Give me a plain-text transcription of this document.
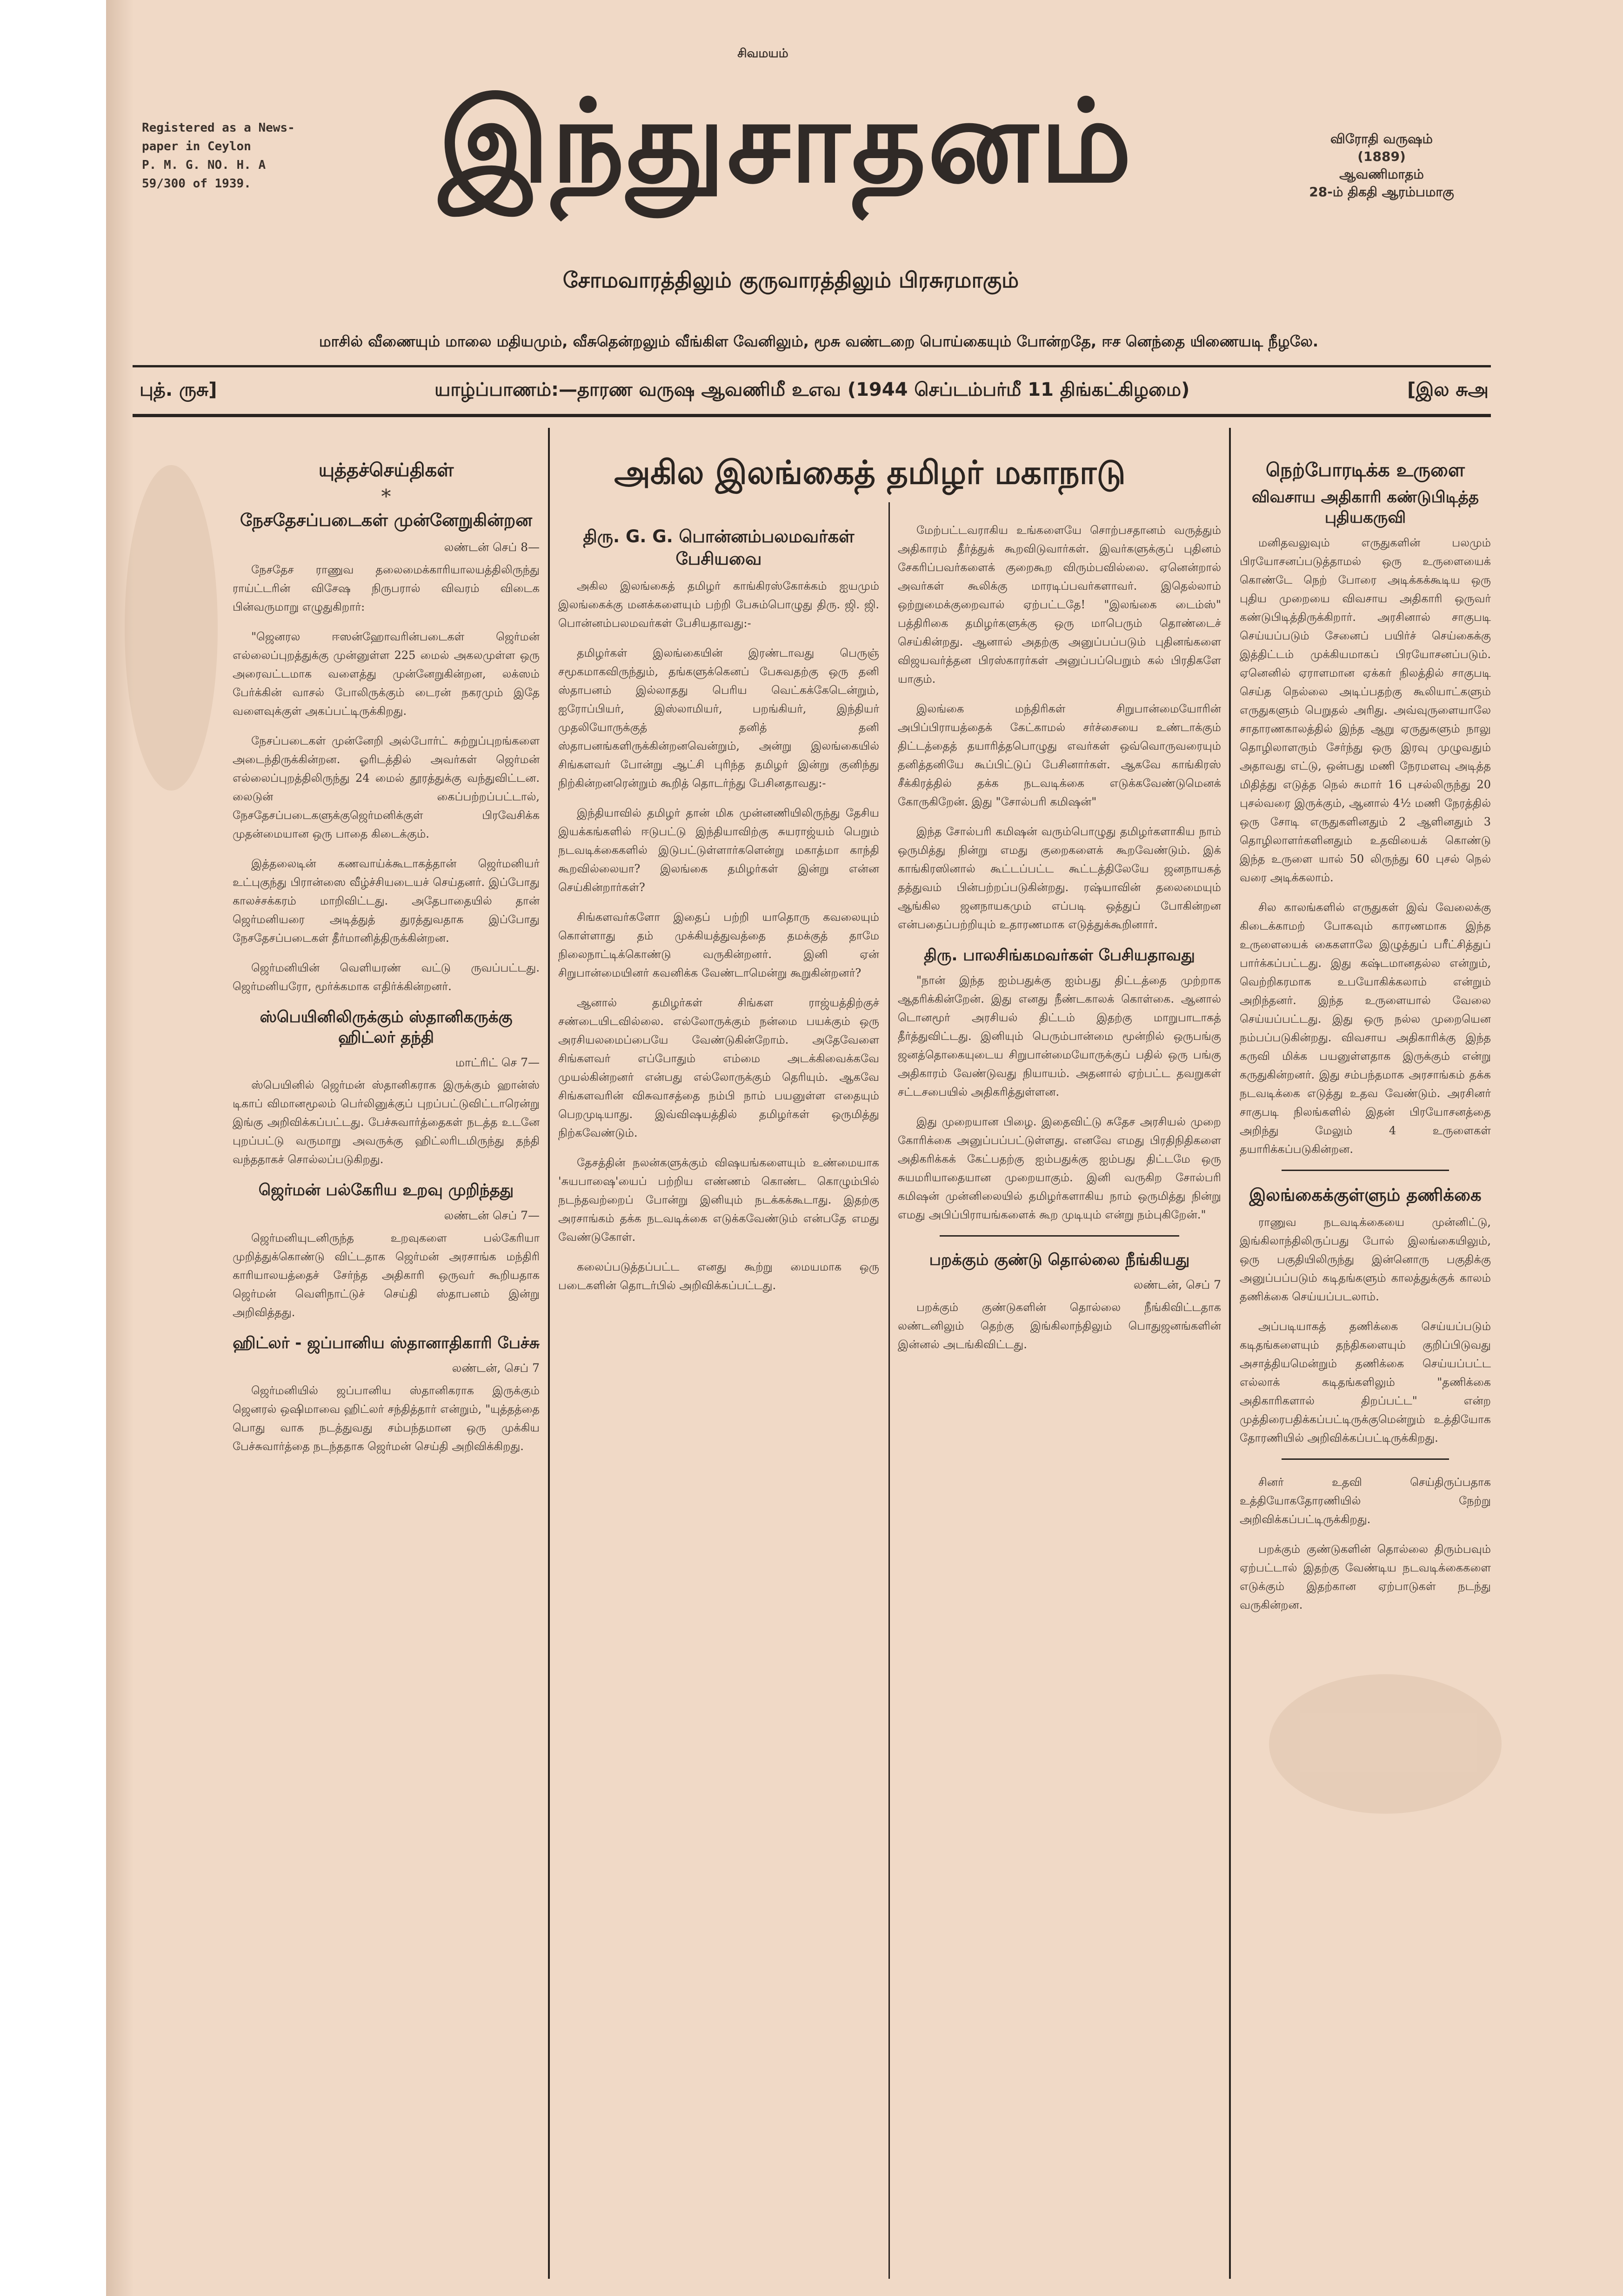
Registered as a News-
paper in Ceylon
P. M. G. NO. H. A
59/300 of 1939.
சிவமயம்
இந்துசாதனம்	விரோதி வருஷம்
(1889)
ஆவணிமாதம்
28-ம் திகதி ஆரம்பமாகு
சோமவாரத்திலும் குருவாரத்திலும் பிரசுரமாகும்
மாசில் வீணையும் மாலை மதியமும், வீசுதென்றலும் வீங்கிள வேனிலும், மூசு வண்டறை பொய்கையும் போன்றதே, ஈச னெந்தை யிணையடி நீழலே.
புத். ருசு]	யாழ்ப்பாணம்:—தாரண வருஷ ஆவணிமீ உஎவ (1944 செப்டம்பர்மீ 11 திங்கட்கிழமை)	[இல சுஅ
அகில இலங்கைத் தமிழர் மகாநாடு
யுத்தச்செய்திகள்
*
நேசதேசப்படைகள் முன்னேறுகின்றன
லண்டன் செப் 8—

நேசதேச ராணுவ தலைமைக்காரியாலயத்திலிருந்து ராய்ட்டரின் விசேஷ நிருபரால் விவரம் விடைக பின்வருமாறு எழுதுகிறார்:

"ஜெனரல ஈஸன்ஹோவரின்படைகள் ஜெர்மன் எல்லைப்புறத்துக்கு முன்னுள்ள 225 மைல் அகலமுள்ள ஒரு அரைவட்டமாக வளைத்து முன்னேறுகின்றன, லக்ஸம் பேர்க்கின் வாசல் போலிருக்கும் டைரன் நகரமும் இதே வளைவுக்குள் அகப்பட்டிருக்கிறது.

நேசப்படைகள் முன்னேறி அல்போர்ட் சுற்றுப்புறங்களை அடைந்திருக்கின்றன. ஓரிடத்தில் அவர்கள் ஜெர்மன் எல்லைப்புறத்திலிருந்து 24 மைல் தூரத்துக்கு வந்துவிட்டன. லைடுன் கைப்பற்றப்பட்டால், நேசதேசப்படைகளுக்குஜெர்மனிக்குள் பிரவேசிக்க முதன்மையான ஒரு பாதை கிடைக்கும்.

இத்தலைடின் கணவாய்க்கூடாகத்தான் ஜெர்மனியர் உட்புகுந்து பிரான்ஸை வீழ்ச்சியடையச் செய்தனர். இப்போது காலச்சக்கரம் மாறிவிட்டது. அதேபாதையில் தான் ஜெர்மனியரை அடித்துத் துரத்துவதாக இப்போது நேசதேசப்படைகள் தீர்மானித்திருக்கின்றன.

ஜெர்மனியின் வெளியரண் வட்டு ருவப்பட்டது. ஜெர்மனியரோ, மூர்க்கமாக எதிர்க்கின்றனர்.

ஸ்பெயினிலிருக்கும் ஸ்தானிகருக்கு ஹிட்லர் தந்தி
மாட்ரிட் செ 7—

ஸ்பெயினில் ஜெர்மன் ஸ்தானிகராக இருக்கும் ஹான்ஸ் டிகாப் விமானமூலம் பெர்லினுக்குப் புறப்பட்டுவிட்டாரென்று இங்கு அறிவிக்கப்பட்டது. பேச்சுவார்த்தைகள் நடத்த உடனே புறப்பட்டு வருமாறு அவருக்கு ஹிட்லரிடமிருந்து தந்தி வந்ததாகச் சொல்லப்படுகிறது.

ஜெர்மன் பல்கேரிய உறவு முறிந்தது
லண்டன் செப் 7—

ஜெர்மனியுடனிருந்த உறவுகளை பல்கேரியா முறித்துக்கொண்டு விட்டதாக ஜெர்மன் அரசாங்க மந்திரி காரியாலயத்தைச் சேர்ந்த அதிகாரி ஒருவர் கூறியதாக ஜெர்மன் வெளிநாட்டுச் செய்தி ஸ்தாபனம் இன்று அறிவித்தது.

ஹிட்லர் - ஜப்பானிய ஸ்தானாதிகாரி பேச்சு
லண்டன், செப் 7

ஜெர்மனியில் ஜப்பானிய ஸ்தானிகராக இருக்கும் ஜெனரல் ஒஷிமாவை ஹிட்லர் சந்தித்தார் என்றும், "யுத்தத்தை பொது வாக நடத்துவது சம்பந்தமான ஒரு முக்கிய பேச்சுவார்த்தை நடந்ததாக ஜெர்மன் செய்தி அறிவிக்கிறது.

திரு. G. G. பொன்னம்பலமவர்கள் பேசியவை

அகில இலங்கைத் தமிழர் காங்கிரஸ்கோக்கம் ஐயமும் இலங்கைக்கு மனக்களையும் பற்றி பேசும்பொழுது திரு. ஜி. ஜி. பொன்னம்பலமவர்கள் பேசியதாவது:-

தமிழர்கள் இலங்கையின் இரண்டாவது பெருஞ் சமூகமாகவிருந்தும், தங்களுக்கெனப் பேசுவதற்கு ஒரு தனி ஸ்தாபனம் இல்லாதது பெரிய வெட்கக்கேடென்றும், ஐரோப்பியர், இஸ்லாமியர், பறங்கியர், இந்தியர் முதலியோருக்குத் தனித் தனி ஸ்தாபனங்களிருக்கின்றனவென்றும், அன்று இலங்கையில் சிங்களவர் போன்று ஆட்சி புரிந்த தமிழர் இன்று குனிந்து நிற்கின்றனரென்றும் கூறித் தொடர்ந்து பேசினதாவது:-

இந்தியாவில் தமிழர் தான் மிக முன்னணியிலிருந்து தேசிய இயக்கங்களில் ஈடுபட்டு இந்தியாவிற்கு சுயராஜ்யம் பெறும் நடவடிக்கைகளில் இடுபட்டுள்ளார்களென்று மகாத்மா காந்தி கூறவில்லையா? இலங்கை தமிழர்கள் இன்று என்ன செய்கின்றார்கள்?

சிங்களவர்களோ இதைப் பற்றி யாதொரு கவலையும் கொள்ளாது தம் முக்கியத்துவத்தை தமக்குத் தாமே நிலைநாட்டிக்கொண்டு வருகின்றனர். இனி ஏன் சிறுபான்மையினர் கவனிக்க வேண்டாமென்று கூறுகின்றனர்?

ஆனால் தமிழர்கள் சிங்கள ராஜ்யத்திற்குச் சண்டையிடவில்லை. எல்லோருக்கும் நன்மை பயக்கும் ஒரு அரசியலமைப்பையே வேண்டுகின்றோம். அதேவேளை சிங்களவர் எப்போதும் எம்மை அடக்கிவைக்கவே முயல்கின்றனர் என்பது எல்லோருக்கும் தெரியும். ஆகவே சிங்களவரின் விசுவாசத்தை நம்பி நாம் பயனுள்ள எதையும் பெறமுடியாது. இவ்விஷயத்தில் தமிழர்கள் ஒருமித்து நிற்கவேண்டும்.

தேசத்தின் நலன்களுக்கும் விஷயங்களையும் உண்மையாக 'சுயபாஷை'யைப் பற்றிய எண்ணம் கொண்ட கொழும்பில் நடந்தவற்றைப் போன்று இனியும் நடக்கக்கூடாது. இதற்கு அரசாங்கம் தக்க நடவடிக்கை எடுக்கவேண்டும் என்பதே எமது வேண்டுகோள்.

கலைப்படுத்தப்பட்ட எனது கூற்று மையமாக ஒரு படைகளின் தொடர்பில் அறிவிக்கப்பட்டது.

மேற்பட்டவராகிய உங்களையே சொற்பசதானம் வருத்தும் அதிகாரம் தீர்த்துக் கூறவிடுவார்கள். இவர்களுக்குப் புதினம் சேகரிப்பவர்களைக் குறைகூற விரும்பவில்லை. ஏனென்றால் அவர்கள் கூலிக்கு மாரடிப்பவர்களாவர். இதெல்லாம் ஒற்றுமைக்குறைவால் ஏற்பட்டதே! "இலங்கை டைம்ஸ்" பத்திரிகை தமிழர்களுக்கு ஒரு மாபெரும் தொண்டைச் செய்கின்றது. ஆனால் அதற்கு அனுப்பப்படும் புதினங்களை விஜயவர்த்தன பிரஸ்காரர்கள் அனுப்பப்பெறும் கல் பிரதிகளே யாகும்.

இலங்கை மந்திரிகள் சிறுபான்மையோரின் அபிப்பிராயத்தைக் கேட்காமல் சர்ச்சையை உண்டாக்கும் திட்டத்தைத் தயாரித்தபொழுது எவர்கள் ஒவ்வொருவரையும் தனித்தனியே கூப்பிட்டுப் பேசினார்கள். ஆகவே காங்கிரஸ் சீக்கிரத்தில் தக்க நடவடிக்கை எடுக்கவேண்டுமெனக் கோருகிறேன். இது "சோல்பரி கமிஷன்"

இந்த சோல்பரி கமிஷன் வரும்பொழுது தமிழர்களாகிய நாம் ஒருமித்து நின்று எமது குறைகளைக் கூறவேண்டும். இக் காங்கிரஸினால் கூட்டப்பட்ட கூட்டத்திலேயே ஜனநாயகத் தத்துவம் பின்பற்றப்படுகின்றது. ரஷ்யாவின் தலைமையும் ஆங்கில ஜனநாயகமும் எப்படி ஒத்துப் போகின்றன என்பதைப்பற்றியும் உதாரணமாக எடுத்துக்கூறினார்.

திரு. பாலசிங்கமவர்கள் பேசியதாவது

"நான் இந்த ஐம்பதுக்கு ஐம்பது திட்டத்தை முற்றாக ஆதரிக்கின்றேன். இது எனது நீண்டகாலக் கொள்கை. ஆனால் டொனமூர் அரசியல் திட்டம் இதற்கு மாறுபாடாகத் தீர்த்துவிட்டது. இனியும் பெரும்பான்மை மூன்றில் ஒருபங்கு ஜனத்தொகையுடைய சிறுபான்மையோருக்குப் பதில் ஒரு பங்கு அதிகாரம் வேண்டுவது நியாயம். அதனால் ஏற்பட்ட தவறுகள் சட்டசபையில் அதிகரித்துள்ளன.

இது முறையான பிழை. இதைவிட்டு சுதேச அரசியல் முறை கோரிக்கை அனுப்பப்பட்டுள்ளது. எனவே எமது பிரதிநிதிகளை அதிகரிக்கக் கேட்பதற்கு ஐம்பதுக்கு ஐம்பது திட்டமே ஒரு சுயமரியாதையான முறையாகும். இனி வருகிற சோல்பரி கமிஷன் முன்னிலையில் தமிழர்களாகிய நாம் ஒருமித்து நின்று எமது அபிப்பிராயங்களைக் கூற முடியும் என்று நம்புகிறேன்."

பறக்கும் குண்டு தொல்லை நீங்கியது
லண்டன், செப் 7

பறக்கும் குண்டுகளின் தொல்லை நீங்கிவிட்டதாக லண்டனிலும் தெற்கு இங்கிலாந்திலும் பொதுஜனங்களின் இன்னல் அடங்கிவிட்டது.

நெற்போரடிக்க உருளை
விவசாய அதிகாரி கண்டுபிடித்த புதியகருவி

மனிதவலுவும் எருதுகளின் பலமும் பிரயோசனப்படுத்தாமல் ஒரு உருளையைக் கொண்டே நெற் போரை அடிக்கக்கூடிய ஒரு புதிய முறையை விவசாய அதிகாரி ஒருவர் கண்டுபிடித்திருக்கிறார். அரசினால் சாகுபடி செய்யப்படும் சேனைப் பயிர்ச் செய்கைக்கு இத்திட்டம் முக்கியமாகப் பிரயோசனப்படும். ஏனெனில் ஏராளமான ஏக்கர் நிலத்தில் சாகுபடி செய்த நெல்லை அடிப்பதற்கு கூலியாட்களும் எருதுகளும் பெறுதல் அரிது. அவ்வுருளையாலே சாதாரணகாலத்தில் இந்த ஆறு ஏருதுகளும் நாலு தொழிலாளரும் சேர்ந்து ஒரு இரவு முழுவதும் அதாவது எட்டு, ஒன்பது மணி நேரமளவு அடித்த மிதித்து எடுத்த நெல் சுமார் 16 புசல்லிருந்து 20 புசல்வரை இருக்கும், ஆனால் 4½ மணி நேரத்தில் ஒரு சோடி எருதுகளினதும் 2 ஆளினதும் 3 தொழிலாளர்களினதும் உதவியைக் கொண்டு இந்த உருளை யால் 50 லிருந்து 60 புசல் நெல் வரை அடிக்கலாம்.

சில காலங்களில் எருதுகள் இவ் வேலைக்கு கிடைக்காமற் போகவும் காரணமாக இந்த உருளையைக் கைகளாலே இழுத்துப் பரீட்சித்துப் பார்க்கப்பட்டது. இது கஷ்டமானதல்ல என்றும், வெற்றிகரமாக உபயோகிக்கலாம் என்றும் அறிந்தனர். இந்த உருளையால் வேலை செய்யப்பட்டது. இது ஒரு நல்ல முறையென நம்பப்படுகின்றது. விவசாய அதிகாரிக்கு இந்த கருவி மிக்க பயனுள்ளதாக இருக்கும் என்று கருதுகின்றனர். இது சம்பந்தமாக அரசாங்கம் தக்க நடவடிக்கை எடுத்து உதவ வேண்டும். அரசினர் சாகுபடி நிலங்களில் இதன் பிரயோசனத்தை அறிந்து மேலும் 4 உருளைகள் தயாரிக்கப்படுகின்றன.

இலங்கைக்குள்ளும் தணிக்கை

ராணுவ நடவடிக்கையை முன்னிட்டு, இங்கிலாந்திலிருப்பது போல் இலங்கையிலும், ஒரு பகுதியிலிருந்து இன்னொரு பகுதிக்கு அனுப்பப்படும் கடிதங்களும் காலத்துக்குக் காலம் தணிக்கை செய்யப்படலாம்.

அப்படியாகத் தணிக்கை செய்யப்படும் கடிதங்களையும் தந்திகளையும் குறிப்பிடுவது அசாத்தியமென்றும் தணிக்கை செய்யப்பட்ட எல்லாக் கடிதங்களிலும் "தணிக்கை அதிகாரிகளால் திறப்பட்ட" என்ற முத்திரைபதிக்கப்பட்டிருக்குமென்றும் உத்தியோக தோரணியில் அறிவிக்கப்பட்டிருக்கிறது.

சினர் உதவி செய்திருப்பதாக உத்தியோகதோரணியில் நேற்று அறிவிக்கப்பட்டிருக்கிறது.

பறக்கும் குண்டுகளின் தொல்லை திரும்பவும் ஏற்பட்டால் இதற்கு வேண்டிய நடவடிக்கைகளை எடுக்கும் இதற்கான ஏற்பாடுகள் நடந்து வருகின்றன.
